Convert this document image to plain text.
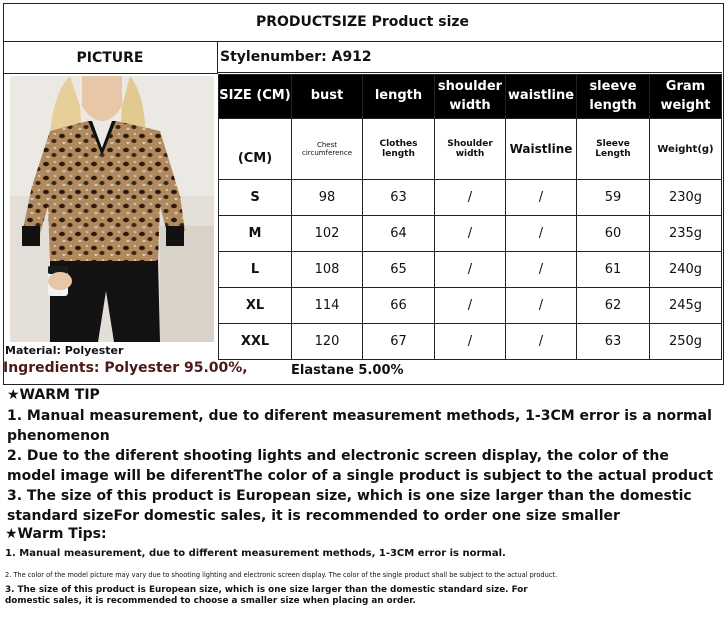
PRODUCTSIZE Product size
PICTURE	Stylenumber: A912
SIZE (CM)	bust	length	shoulder width	waistline	sleeve length	Gram weight
(CM)	Chest circumference	Clothes length	Shoulder width	Waistline	Sleeve Length	Weight(g)
S	98	63	/	/	59	230g
M	102	64	/	/	60	235g
L	108	65	/	/	61	240g
XL	114	66	/	/	62	245g
XXL	120	67	/	/	63	250g
Material: Polyester
Ingredients: Polyester 95.00%,	Elastane 5.00%
★WARM TIP
1. Manual measurement, due to diferent measurement methods, 1-3CM error is a normal phenomenon
2. Due to the diferent shooting lights and electronic screen display, the color of the model image will be diferentThe color of a single product is subject to the actual product
3. The size of this product is European size, which is one size larger than the domestic standard sizeFor domestic sales, it is recommended to order one size smaller
★Warm Tips:
1. Manual measurement, due to different measurement methods, 1-3CM error is normal.
2. The color of the model picture may vary due to shooting lighting and electronic screen display. The color of the single product shall be subject to the actual product.
3. The size of this product is European size, which is one size larger than the domestic standard size. For domestic sales, it is recommended to choose a smaller size when placing an order.
